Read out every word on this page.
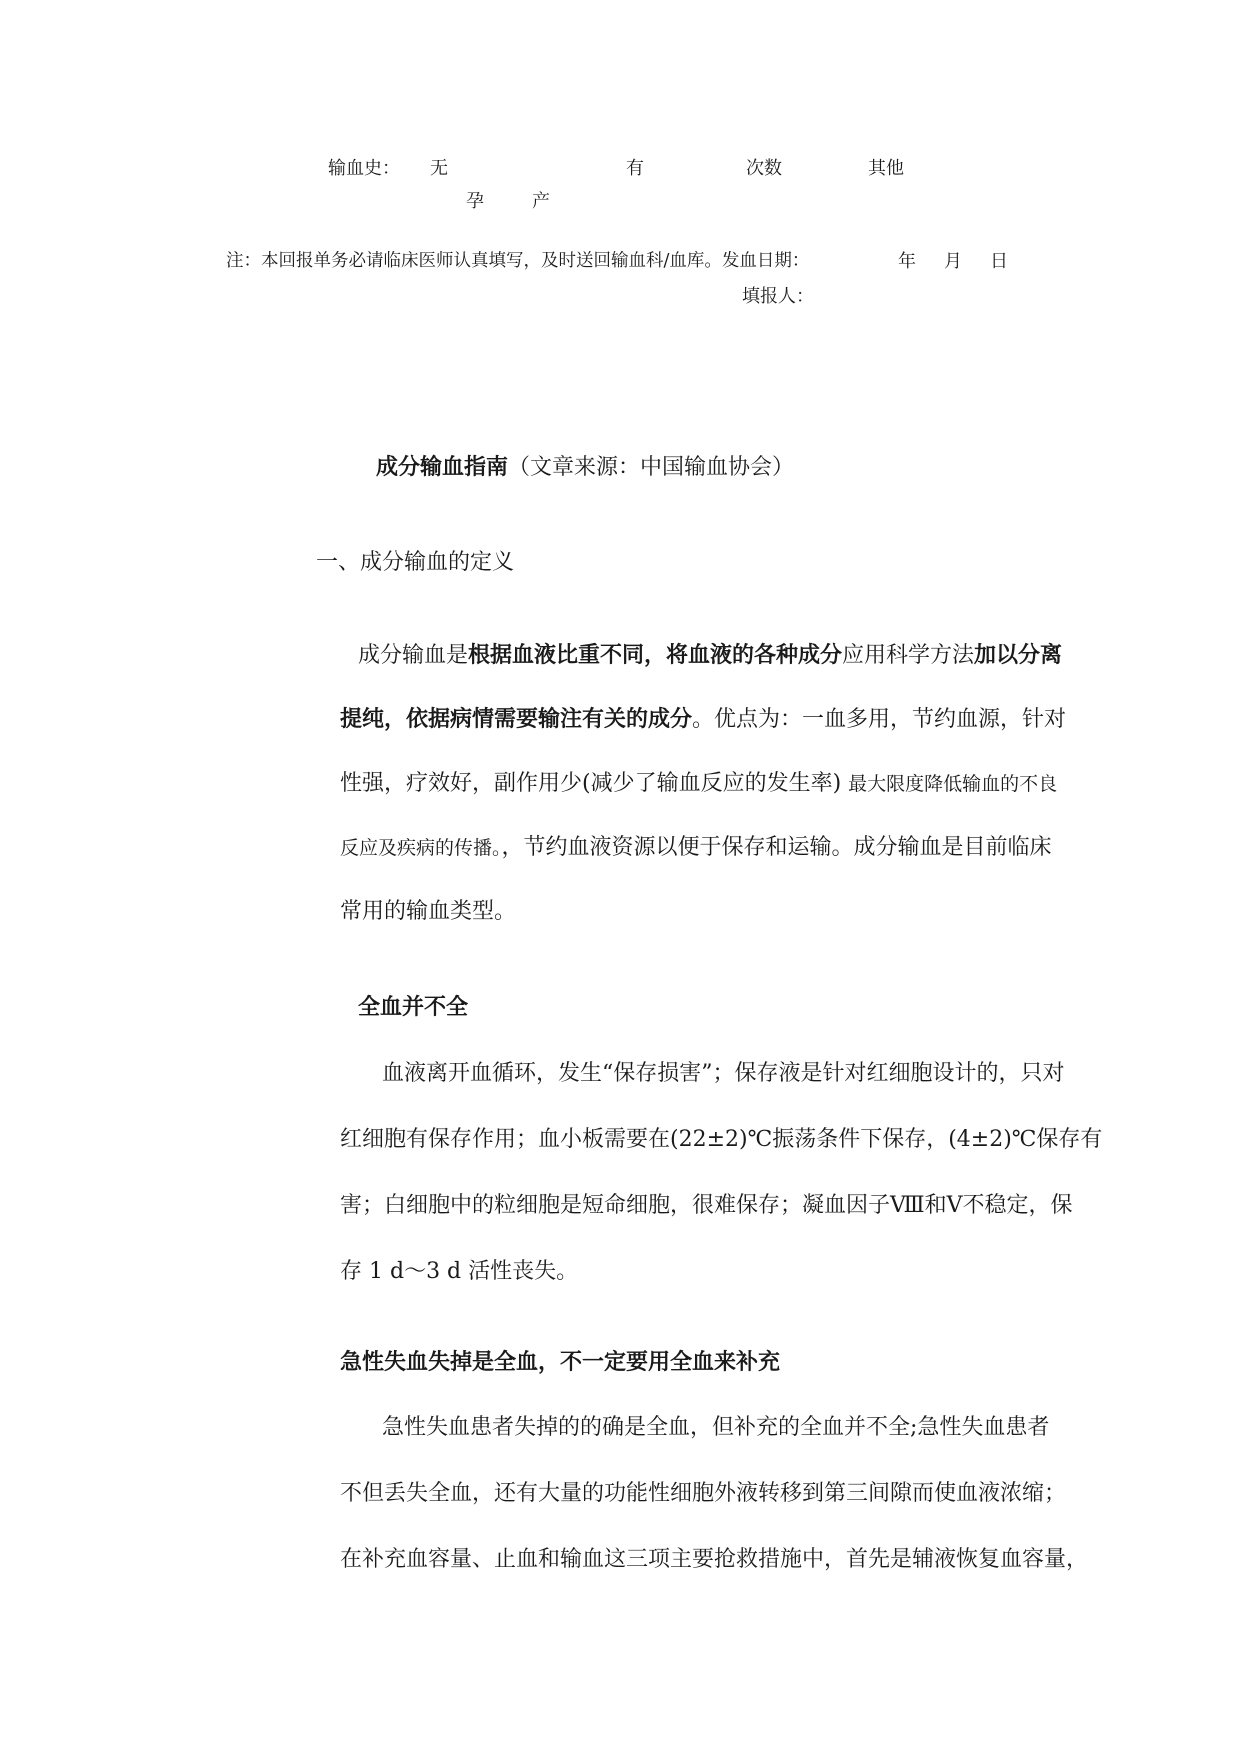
输血史： 无	有	次数	其他
孕	产
注：本回报单务必请临床医师认真填写，及时送回输血科/血库。发血日期：	年 月 日
填报人：
成分输血指南（文章来源：中国输血协会）
一、成分输血的定义
成分输血是根据血液比重不同，将血液的各种成分应用科学方法加以分离
提纯，依据病情需要输注有关的成分。优点为：一血多用，节约血源，针对
性强，疗效好，副作用少(减少了输血反应的发生率) 最大限度降低输血的不良
反应及疾病的传播。，节约血液资源以便于保存和运输。成分输血是目前临床
常用的输血类型。
全血并不全
血液离开血循环，发生“保存损害”；保存液是针对红细胞设计的，只对
红细胞有保存作用；血小板需要在(22±2)℃振荡条件下保存，(4±2)℃保存有
害；白细胞中的粒细胞是短命细胞，很难保存；凝血因子Ⅷ和Ⅴ不稳定，保
存 1 d～3 d 活性丧失。
急性失血失掉是全血，不一定要用全血来补充
急性失血患者失掉的的确是全血，但补充的全血并不全;急性失血患者
不但丢失全血，还有大量的功能性细胞外液转移到第三间隙而使血液浓缩；
在补充血容量、止血和输血这三项主要抢救措施中，首先是辅液恢复血容量，
